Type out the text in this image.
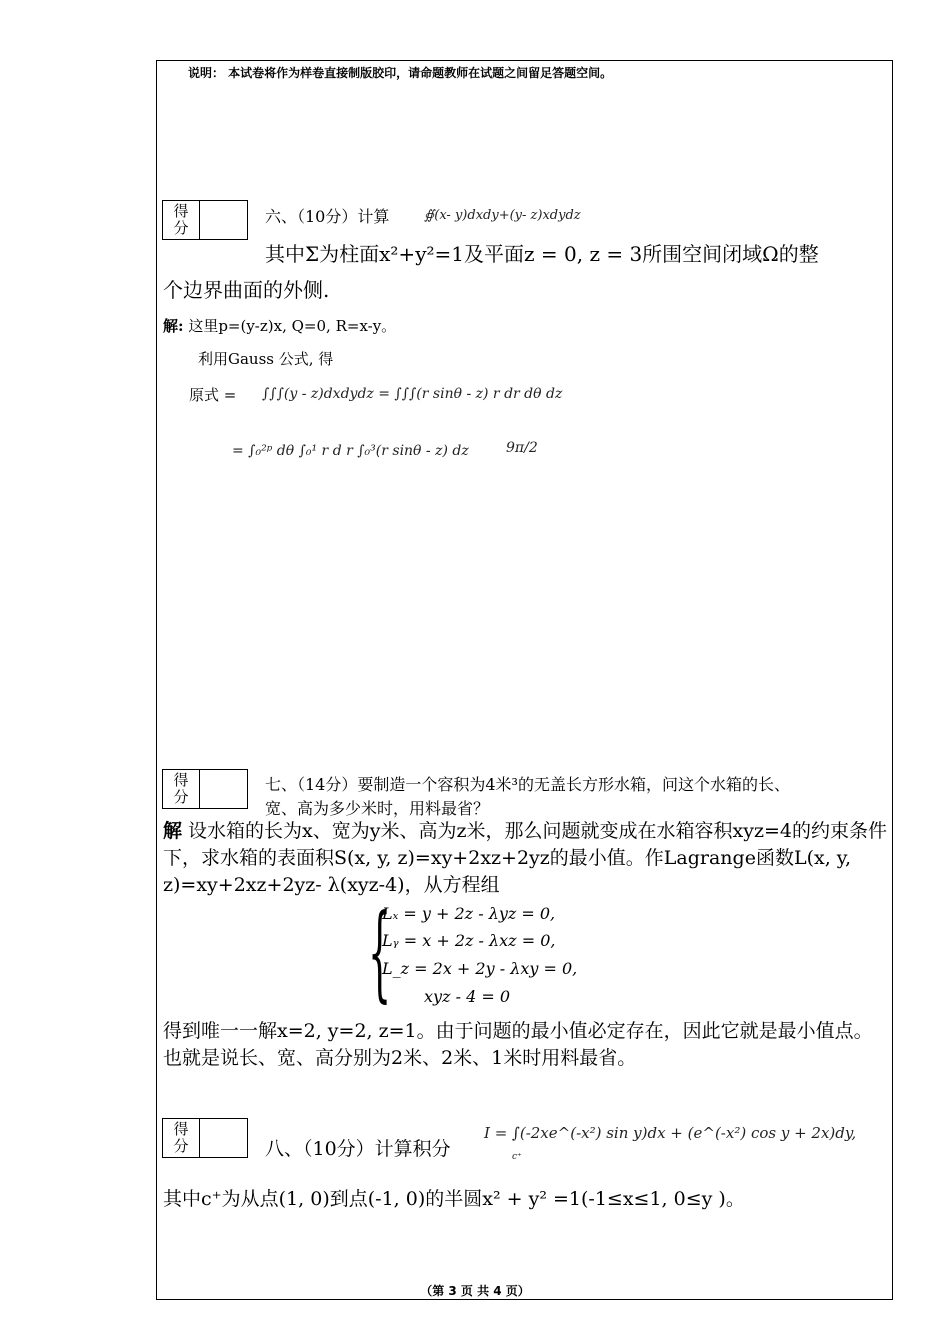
说明： 本试卷将作为样卷直接制版胶印，请命题教师在试题之间留足答题空间。
得
分
六、（10分）计算	∯(x- y)dxdy+(y- z)xdydz
其中Σ为柱面x²+y²=1及平面z = 0, z = 3所围空间闭域Ω的整
个边界曲面的外侧.
解: 这里p=(y-z)x, Q=0, R=x-y。
利用Gauss 公式, 得
原式 = ∫∫∫(y - z)dxdydz = ∫∫∫(r sinθ - z) r dr dθ dz
= ∫₀²ᵖ dθ ∫₀¹ r d r ∫₀³(r sinθ - z) dz	9π/2
得
分
七、（14分）要制造一个容积为4米³的无盖长方形水箱，问这个水箱的长、
宽、高为多少米时，用料最省？
解 设水箱的长为x、宽为y米、高为z米，那么问题就变成在水箱容积xyz=4的约束条件下，求水箱的表面积S(x, y, z)=xy+2xz+2yz的最小值。作Lagrange函数L(x, y, z)=xy+2xz+2yz- λ(xyz-4)，从方程组
{
Lₓ = y + 2z - λyz = 0,
Lᵧ = x + 2z - λxz = 0,
L_z = 2x + 2y - λxy = 0,
xyz - 4 = 0
得到唯一一解x=2, y=2, z=1。由于问题的最小值必定存在，因此它就是最小值点。也就是说长、宽、高分别为2米、2米、1米时用料最省。
得
分	八、（10分）计算积分
I = ∫(-2xe^(-x²) sin y)dx + (e^(-x²) cos y + 2x)dy,
c⁺
其中c⁺为从点(1, 0)到点(-1, 0)的半圆x² + y² =1(-1≤x≤1, 0≤y )。
（第 3 页 共 4 页）
